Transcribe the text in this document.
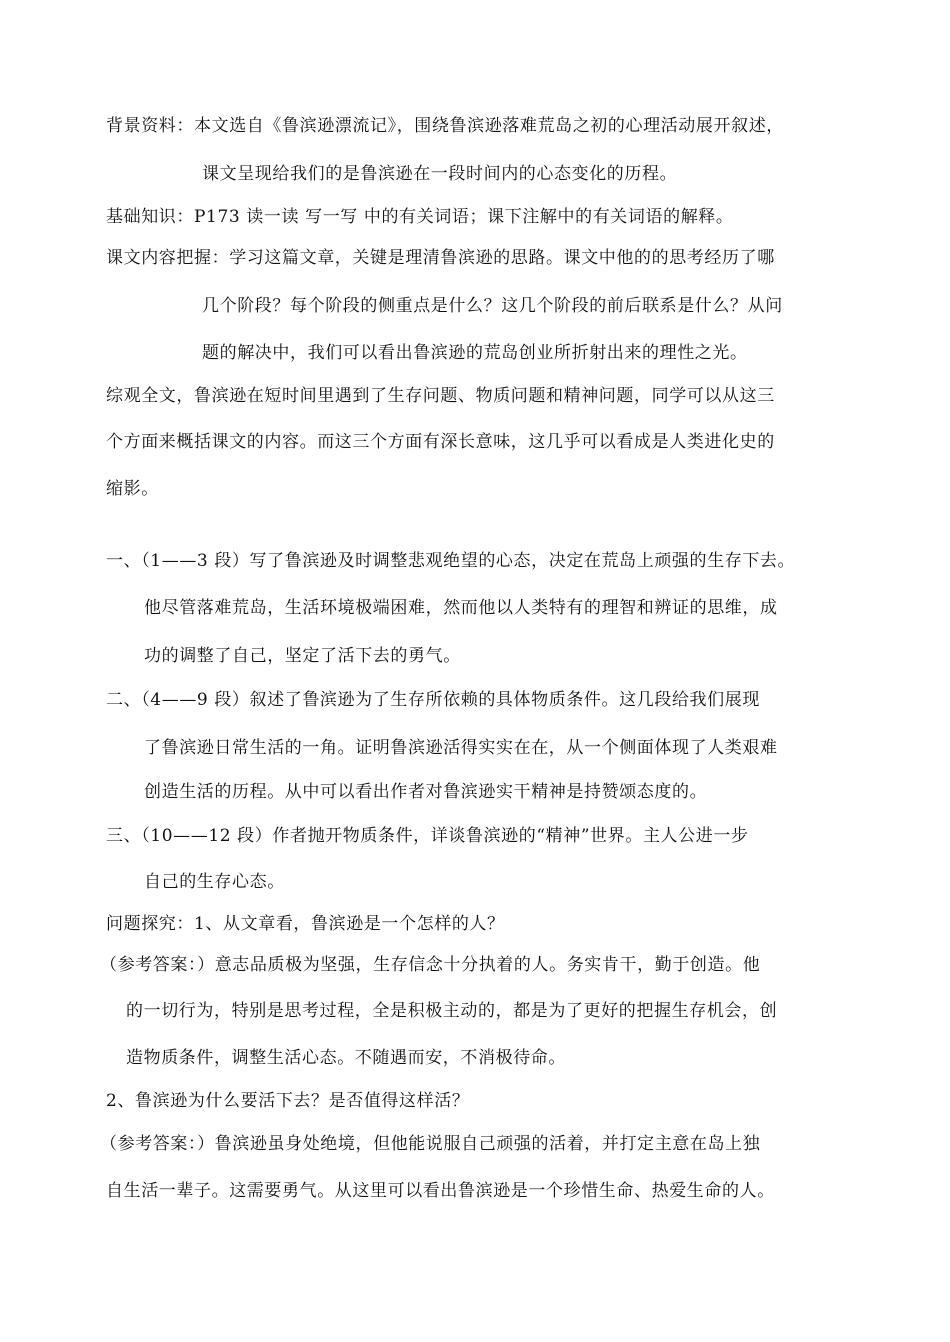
背景资料：本文选自《鲁滨逊漂流记》，围绕鲁滨逊落难荒岛之初的心理活动展开叙述，
课文呈现给我们的是鲁滨逊在一段时间内的心态变化的历程。
基础知识：P173 读一读 写一写 中的有关词语；课下注解中的有关词语的解释。
课文内容把握：学习这篇文章，关键是理清鲁滨逊的思路。课文中他的的思考经历了哪
几个阶段？每个阶段的侧重点是什么？这几个阶段的前后联系是什么？从问
题的解决中，我们可以看出鲁滨逊的荒岛创业所折射出来的理性之光。
综观全文，鲁滨逊在短时间里遇到了生存问题、物质问题和精神问题，同学可以从这三
个方面来概括课文的内容。而这三个方面有深长意味，这几乎可以看成是人类进化史的
缩影。
一、（1——3 段）写了鲁滨逊及时调整悲观绝望的心态，决定在荒岛上顽强的生存下去。
他尽管落难荒岛，生活环境极端困难，然而他以人类特有的理智和辨证的思维，成
功的调整了自己，坚定了活下去的勇气。
二、（4——9 段）叙述了鲁滨逊为了生存所依赖的具体物质条件。这几段给我们展现
了鲁滨逊日常生活的一角。证明鲁滨逊活得实实在在，从一个侧面体现了人类艰难
创造生活的历程。从中可以看出作者对鲁滨逊实干精神是持赞颂态度的。
三、（10——12 段）作者抛开物质条件，详谈鲁滨逊的“精神”世界。主人公进一步
自己的生存心态。
问题探究：1、从文章看，鲁滨逊是一个怎样的人？
（参考答案：）意志品质极为坚强，生存信念十分执着的人。务实肯干，勤于创造。他
的一切行为，特别是思考过程，全是积极主动的，都是为了更好的把握生存机会，创
造物质条件，调整生活心态。不随遇而安，不消极待命。
2、鲁滨逊为什么要活下去？是否值得这样活？
（参考答案：）鲁滨逊虽身处绝境，但他能说服自己顽强的活着，并打定主意在岛上独
自生活一辈子。这需要勇气。从这里可以看出鲁滨逊是一个珍惜生命、热爱生命的人。
